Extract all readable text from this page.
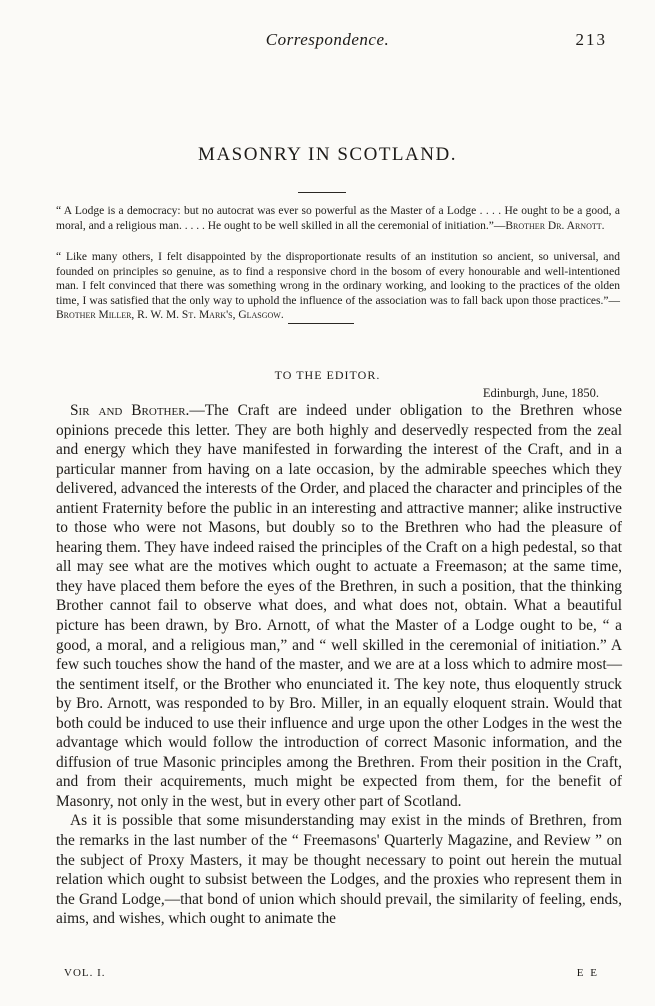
Correspondence.	213
MASONRY IN SCOTLAND.
“ A Lodge is a democracy: but no autocrat was ever so powerful as the Master of a Lodge . . . . He ought to be a good, a moral, and a religious man. . . . . He ought to be well skilled in all the ceremonial of initiation.”—Brother Dr. Arnott.
“ Like many others, I felt disappointed by the disproportionate results of an institution so ancient, so universal, and founded on principles so genuine, as to find a responsive chord in the bosom of every honourable and well-intentioned man. I felt convinced that there was something wrong in the ordinary working, and looking to the practices of the olden time, I was satisfied that the only way to uphold the influence of the association was to fall back upon those practices.”—Brother Miller, R. W. M. St. Mark's, Glasgow.
TO THE EDITOR.
Edinburgh, June, 1850.

Sir and Brother.—The Craft are indeed under obligation to the Brethren whose opinions precede this letter. They are both highly and deservedly respected from the zeal and energy which they have manifested in forwarding the interest of the Craft, and in a particular manner from having on a late occasion, by the admirable speeches which they delivered, advanced the interests of the Order, and placed the character and principles of the antient Fraternity before the public in an interesting and attractive manner; alike instructive to those who were not Masons, but doubly so to the Brethren who had the pleasure of hearing them. They have indeed raised the principles of the Craft on a high pedestal, so that all may see what are the motives which ought to actuate a Freemason; at the same time, they have placed them before the eyes of the Brethren, in such a position, that the thinking Brother cannot fail to observe what does, and what does not, obtain. What a beautiful picture has been drawn, by Bro. Arnott, of what the Master of a Lodge ought to be, “ a good, a moral, and a religious man,” and “ well skilled in the ceremonial of initiation.” A few such touches show the hand of the master, and we are at a loss which to admire most—the sentiment itself, or the Brother who enunciated it. The key note, thus eloquently struck by Bro. Arnott, was responded to by Bro. Miller, in an equally eloquent strain. Would that both could be induced to use their influence and urge upon the other Lodges in the west the advantage which would follow the introduction of correct Masonic information, and the diffusion of true Masonic principles among the Brethren. From their position in the Craft, and from their acquirements, much might be expected from them, for the benefit of Masonry, not only in the west, but in every other part of Scotland.

As it is possible that some misunderstanding may exist in the minds of Brethren, from the remarks in the last number of the “ Freemasons' Quarterly Magazine, and Review ” on the subject of Proxy Masters, it may be thought necessary to point out herein the mutual relation which ought to subsist between the Lodges, and the proxies who represent them in the Grand Lodge,—that bond of union which should prevail, the similarity of feeling, ends, aims, and wishes, which ought to animate the

VOL. I.	E E
